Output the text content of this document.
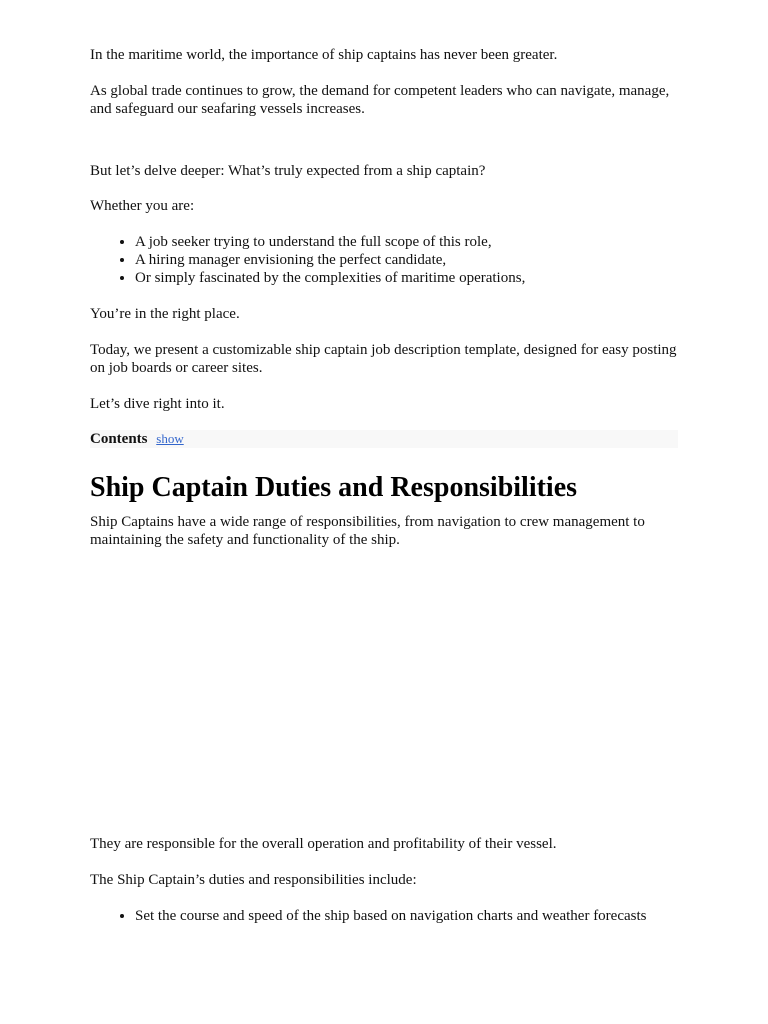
In the maritime world, the importance of ship captains has never been greater.

As global trade continues to grow, the demand for competent leaders who can navigate, manage, and safeguard our seafaring vessels increases.

But let’s delve deeper: What’s truly expected from a ship captain?

Whether you are:

• A job seeker trying to understand the full scope of this role,
• A hiring manager envisioning the perfect candidate,
• Or simply fascinated by the complexities of maritime operations,

You’re in the right place.

Today, we present a customizable ship captain job description template, designed for easy posting on job boards or career sites.

Let’s dive right into it.

Contents show
Ship Captain Duties and Responsibilities

Ship Captains have a wide range of responsibilities, from navigation to crew management to maintaining the safety and functionality of the ship.

They are responsible for the overall operation and profitability of their vessel.

The Ship Captain’s duties and responsibilities include:

• Set the course and speed of the ship based on navigation charts and weather forecasts
